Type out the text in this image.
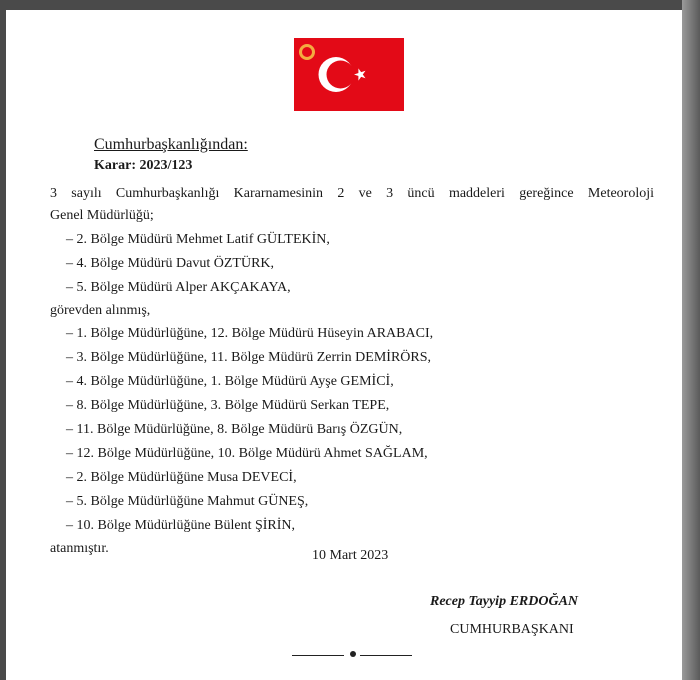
Cumhurbaşkanlığından:
Karar: 2023/123
3 sayılı Cumhurbaşkanlığı Kararnamesinin 2 ve 3 üncü maddeleri gereğince Meteoroloji
Genel Müdürlüğü;
– 2. Bölge Müdürü Mehmet Latif GÜLTEKİN,
– 4. Bölge Müdürü Davut ÖZTÜRK,
– 5. Bölge Müdürü Alper AKÇAKAYA,
görevden alınmış,
– 1. Bölge Müdürlüğüne, 12. Bölge Müdürü Hüseyin ARABACI,
– 3. Bölge Müdürlüğüne, 11. Bölge Müdürü Zerrin DEMİRÖRS,
– 4. Bölge Müdürlüğüne, 1. Bölge Müdürü Ayşe GEMİCİ,
– 8. Bölge Müdürlüğüne, 3. Bölge Müdürü Serkan TEPE,
– 11. Bölge Müdürlüğüne, 8. Bölge Müdürü Barış ÖZGÜN,
– 12. Bölge Müdürlüğüne, 10. Bölge Müdürü Ahmet SAĞLAM,
– 2. Bölge Müdürlüğüne Musa DEVECİ,
– 5. Bölge Müdürlüğüne Mahmut GÜNEŞ,
– 10. Bölge Müdürlüğüne Bülent ŞİRİN,
atanmıştır.	10 Mart 2023
Recep Tayyip ERDOĞAN
CUMHURBAŞKANI
